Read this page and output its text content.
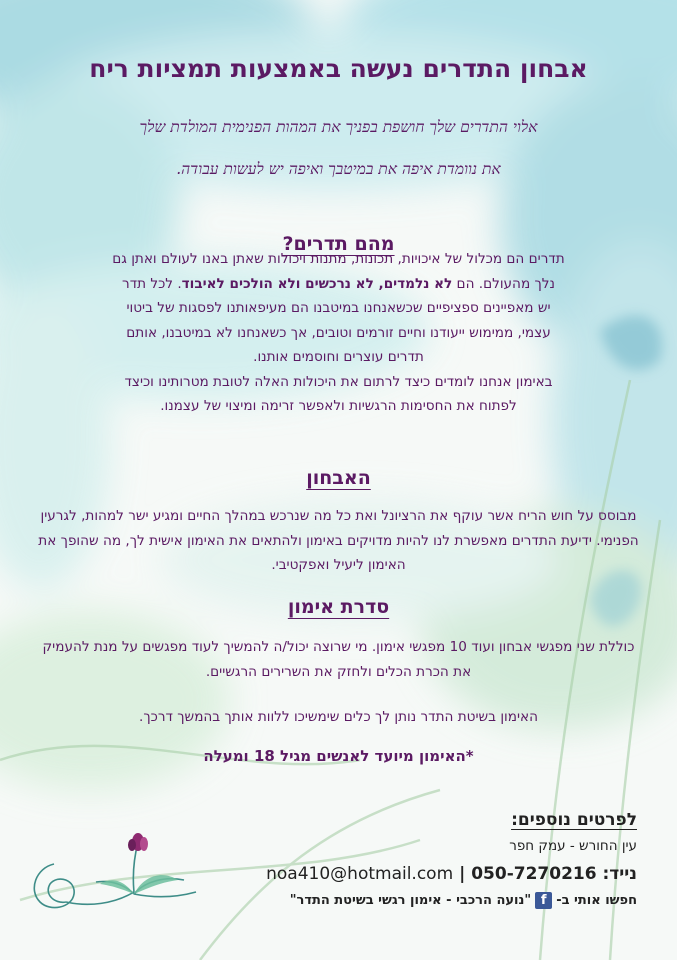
אבחון התדרים נעשה באמצעות תמציות ריח

אלוי התדרים שלך חושפת בפניך את המהות הפנימית המולדת שלך

את נוומדת איפה את במיטבך ואיפה יש לעשות עבודה.

מהם תדרים?

תדרים הם מכלול של איכויות, תכונות, מתנות ויכולות שאתן באנו לעולם ואתן גם
נלך מהעולם. הם לא נלמדים, לא נרכשים ולא הולכים לאיבוד. לכל תדר
יש מאפיינים ספציפיים שכשאנחנו במיטבנו הם מעיפאותנו לפסגות של ביטוי
עצמי, ממימוש ייעודנו וחיים זורמים וטובים, אך כשאנחנו לא במיטבנו, אותם
תדרים עוצרים וחוסמים אותנו.
באימון אנחנו לומדים כיצד לרתום את היכולות האלה לטובת מטרותינו וכיצד
לפתוח את החסימות הרגשיות ולאפשר זרימה ומיצוי של עצמנו.

האבחון

מבוסס על חוש הריח אשר עוקף את הרציונל ואת כל מה שנרכש במהלך החיים ומגיע ישר למהות, לגרעין הפנימי. ידיעת התדרים מאפשרת לנו להיות מדויקים באימון ולהתאים את האימון אישית לך, מה שהופך את האימון ליעיל ואפקטיבי.

סדרת אימון

כוללת שני מפגשי אבחון ועוד 10 מפגשי אימון. מי שרוצה יכול/ה להמשיך לעוד מפגשים על מנת להעמיק את הכרת הכלים ולחזק את השרירים הרגשיים.

האימון בשיטת התדר נותן לך כלים שימשיכו ללוות אותך בהמשך דרכך.

*האימון מיועד לאנשים מגיל 18 ומעלה

לפרטים נוספים:

עין החורש - עמק חפר

נייד: 050-7270216 | noa410@hotmail.com

חפשו אותי ב-
f
"נועה הרכבי - אימון רגשי בשיטת התדר"
